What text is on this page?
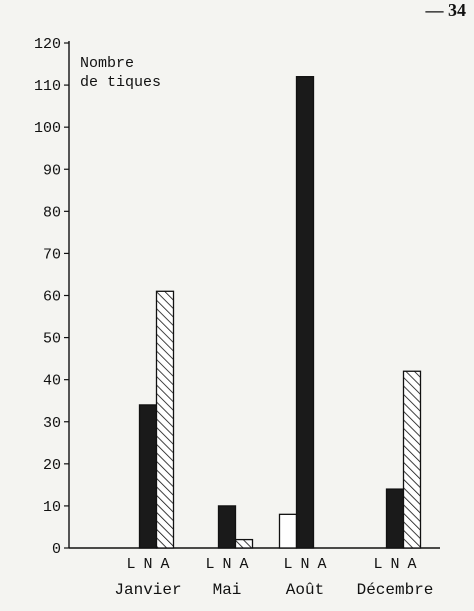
— 34
0
10
20
30
40
50
60
70
80
90
100
110
120
Nombre
de tiques
L N A
Janvier
L N A
Mai
L N A
Août
L N A
Décembre
